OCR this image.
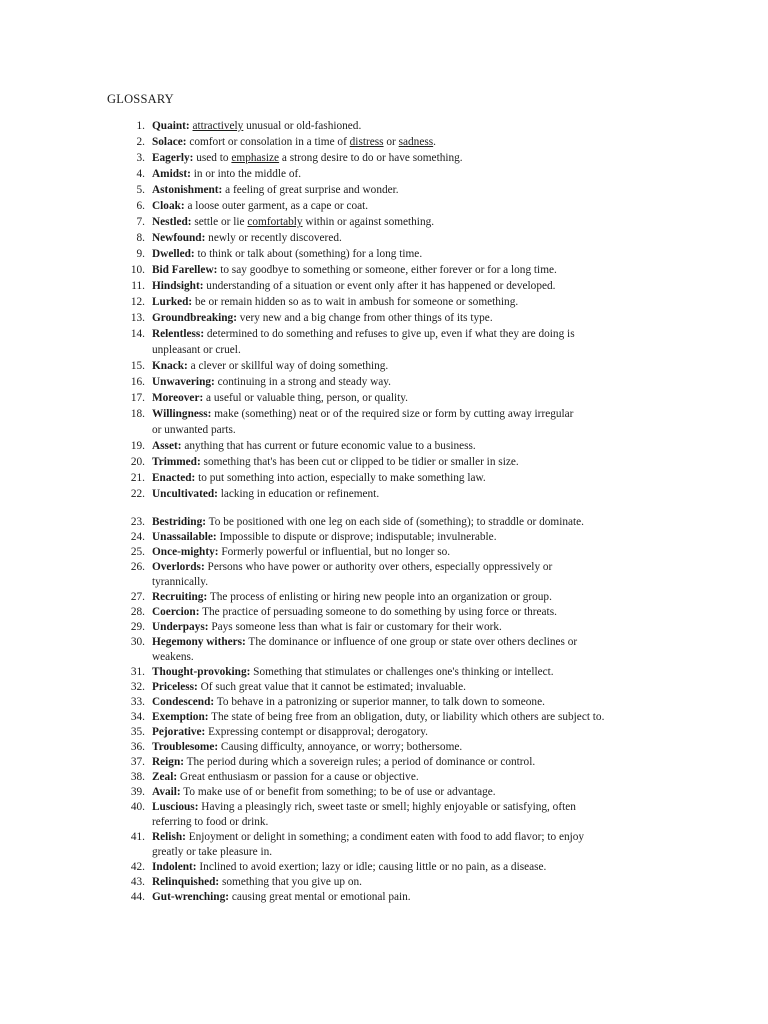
GLOSSARY
1. Quaint: attractively unusual or old-fashioned.
2. Solace: comfort or consolation in a time of distress or sadness.
3. Eagerly: used to emphasize a strong desire to do or have something.
4. Amidst: in or into the middle of.
5. Astonishment: a feeling of great surprise and wonder.
6. Cloak: a loose outer garment, as a cape or coat.
7. Nestled: settle or lie comfortably within or against something.
8. Newfound: newly or recently discovered.
9. Dwelled: to think or talk about (something) for a long time.
10. Bid Farellew: to say goodbye to something or someone, either forever or for a long time.
11. Hindsight: understanding of a situation or event only after it has happened or developed.
12. Lurked: be or remain hidden so as to wait in ambush for someone or something.
13. Groundbreaking: very new and a big change from other things of its type.
14. Relentless: determined to do something and refuses to give up, even if what they are doing is
unpleasant or cruel.
15. Knack: a clever or skillful way of doing something.
16. Unwavering: continuing in a strong and steady way.
17. Moreover: a useful or valuable thing, person, or quality.
18. Willingness: make (something) neat or of the required size or form by cutting away irregular
or unwanted parts.
19. Asset: anything that has current or future economic value to a business.
20. Trimmed: something that's has been cut or clipped to be tidier or smaller in size.
21. Enacted: to put something into action, especially to make something law.
22. Uncultivated: lacking in education or refinement.
23. Bestriding: To be positioned with one leg on each side of (something); to straddle or dominate.
24. Unassailable: Impossible to dispute or disprove; indisputable; invulnerable.
25. Once-mighty: Formerly powerful or influential, but no longer so.
26. Overlords: Persons who have power or authority over others, especially oppressively or
tyrannically.
27. Recruiting: The process of enlisting or hiring new people into an organization or group.
28. Coercion: The practice of persuading someone to do something by using force or threats.
29. Underpays: Pays someone less than what is fair or customary for their work.
30. Hegemony withers: The dominance or influence of one group or state over others declines or
weakens.
31. Thought-provoking: Something that stimulates or challenges one's thinking or intellect.
32. Priceless: Of such great value that it cannot be estimated; invaluable.
33. Condescend: To behave in a patronizing or superior manner, to talk down to someone.
34. Exemption: The state of being free from an obligation, duty, or liability which others are subject to.
35. Pejorative: Expressing contempt or disapproval; derogatory.
36. Troublesome: Causing difficulty, annoyance, or worry; bothersome.
37. Reign: The period during which a sovereign rules; a period of dominance or control.
38. Zeal: Great enthusiasm or passion for a cause or objective.
39. Avail: To make use of or benefit from something; to be of use or advantage.
40. Luscious: Having a pleasingly rich, sweet taste or smell; highly enjoyable or satisfying, often
referring to food or drink.
41. Relish: Enjoyment or delight in something; a condiment eaten with food to add flavor; to enjoy
greatly or take pleasure in.
42. Indolent: Inclined to avoid exertion; lazy or idle; causing little or no pain, as a disease.
43. Relinquished: something that you give up on.
44. Gut-wrenching: causing great mental or emotional pain.
